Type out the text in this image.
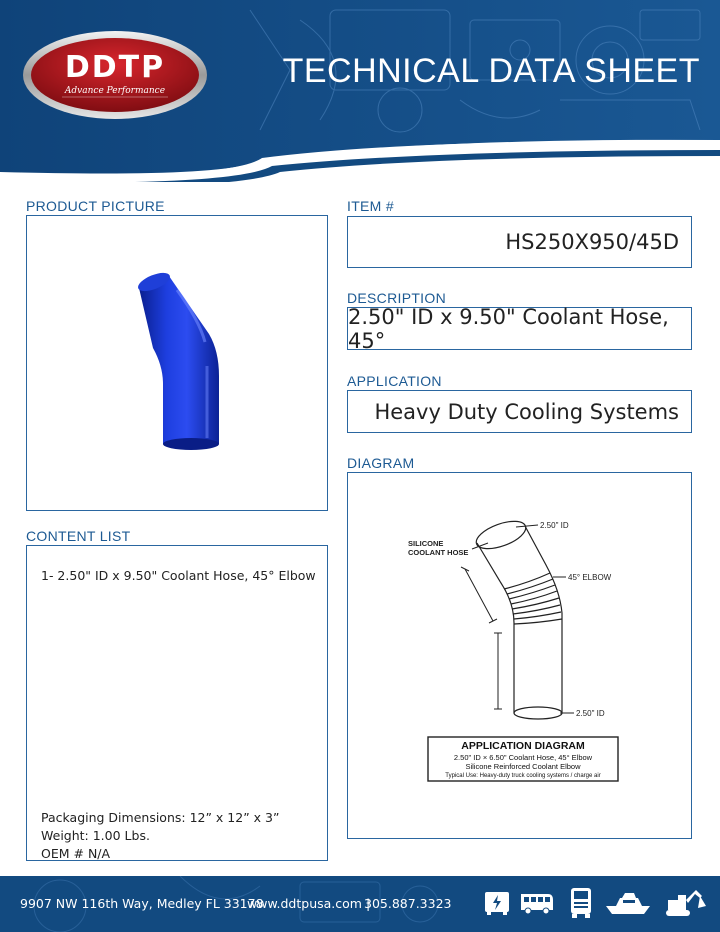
DDTP
Advance Performance
TECHNICAL DATA SHEET
PRODUCT PICTURE
CONTENT LIST
1- 2.50" ID x 9.50" Coolant Hose, 45° Elbow
Packaging Dimensions: 12” x 12” x 3”
Weight: 1.00 Lbs.
OEM # N/A
ITEM #
HS250X950/45D
DESCRIPTION
2.50" ID x 9.50" Coolant Hose, 45°
APPLICATION
Heavy Duty Cooling Systems
DIAGRAM
2.50" ID
SILICONE
COOLANT HOSE
45° ELBOW
2.50" ID
APPLICATION DIAGRAM
2.50" ID × 6.50" Coolant Hose, 45° Elbow
Silicone Reinforced Coolant Elbow
Typical Use: Heavy-duty truck cooling systems / charge air
9907 NW 116th Way, Medley FL 33178
www.ddtpusa.com |
305.887.3323
